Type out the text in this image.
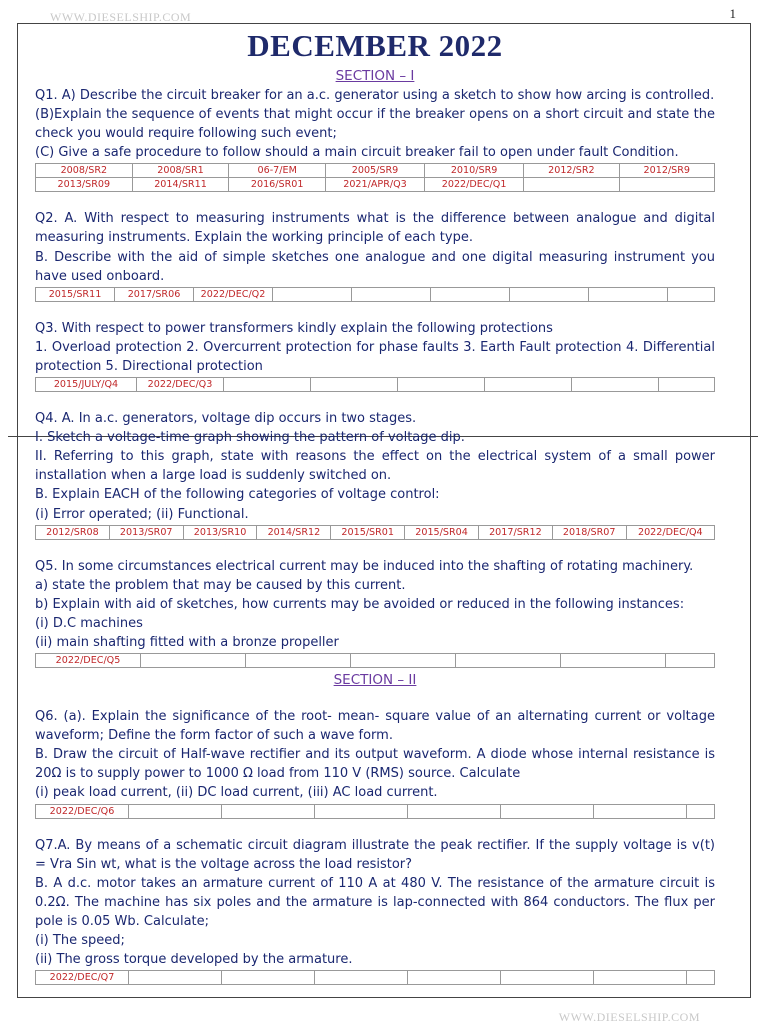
WWW.DIESELSHIP.COM	1
DECEMBER 2022

SECTION – I

Q1. A) Describe the circuit breaker for an a.c. generator using a sketch to show how arcing is controlled.

(B)Explain the sequence of events that might occur if the breaker opens on a short circuit and state the check you would require following such event;

(C) Give a safe procedure to follow should a main circuit breaker fail to open under fault Condition.

2008/SR2	2008/SR1	06-7/EM	2005/SR9	2010/SR9	2012/SR2	2012/SR9
2013/SR09	2014/SR11	2016/SR01	2021/APR/Q3	2022/DEC/Q1		

Q2. A. With respect to measuring instruments what is the difference between analogue and digital measuring instruments. Explain the working principle of each type.

B. Describe with the aid of simple sketches one analogue and one digital measuring instrument you have used onboard.

2015/SR11	2017/SR06	2022/DEC/Q2						

Q3. With respect to power transformers kindly explain the following protections

1. Overload protection 2. Overcurrent protection for phase faults 3. Earth Fault protection 4. Differential protection 5. Directional protection

2015/JULY/Q4	2022/DEC/Q3						

Q4. A. In a.c. generators, voltage dip occurs in two stages.

I. Sketch a voltage-time graph showing the pattern of voltage dip.

II. Referring to this graph, state with reasons the effect on the electrical system of a small power installation when a large load is suddenly switched on.

B. Explain EACH of the following categories of voltage control:

(i) Error operated; (ii) Functional.

2012/SR08	2013/SR07	2013/SR10	2014/SR12	2015/SR01	2015/SR04	2017/SR12	2018/SR07	2022/DEC/Q4

Q5. In some circumstances electrical current may be induced into the shafting of rotating machinery.

a) state the problem that may be caused by this current.

b) Explain with aid of sketches, how currents may be avoided or reduced in the following instances:

(i) D.C machines

(ii) main shafting fitted with a bronze propeller

2022/DEC/Q5						

SECTION – II

Q6. (a). Explain the significance of the root- mean- square value of an alternating current or voltage waveform; Define the form factor of such a wave form.

B. Draw the circuit of Half-wave rectifier and its output waveform. A diode whose internal resistance is 20Ω is to supply power to 1000 Ω load from 110 V (RMS) source. Calculate

(i) peak load current, (ii) DC load current, (iii) AC load current.

2022/DEC/Q6							

Q7.A. By means of a schematic circuit diagram illustrate the peak rectifier. If the supply voltage is v(t) = Vra Sin wt, what is the voltage across the load resistor?

B. A d.c. motor takes an armature current of 110 A at 480 V. The resistance of the armature circuit is 0.2Ω. The machine has six poles and the armature is lap-connected with 864 conductors. The flux per pole is 0.05 Wb. Calculate;

(i) The speed;

(ii) The gross torque developed by the armature.

2022/DEC/Q7							
WWW.DIESELSHIP.COM
